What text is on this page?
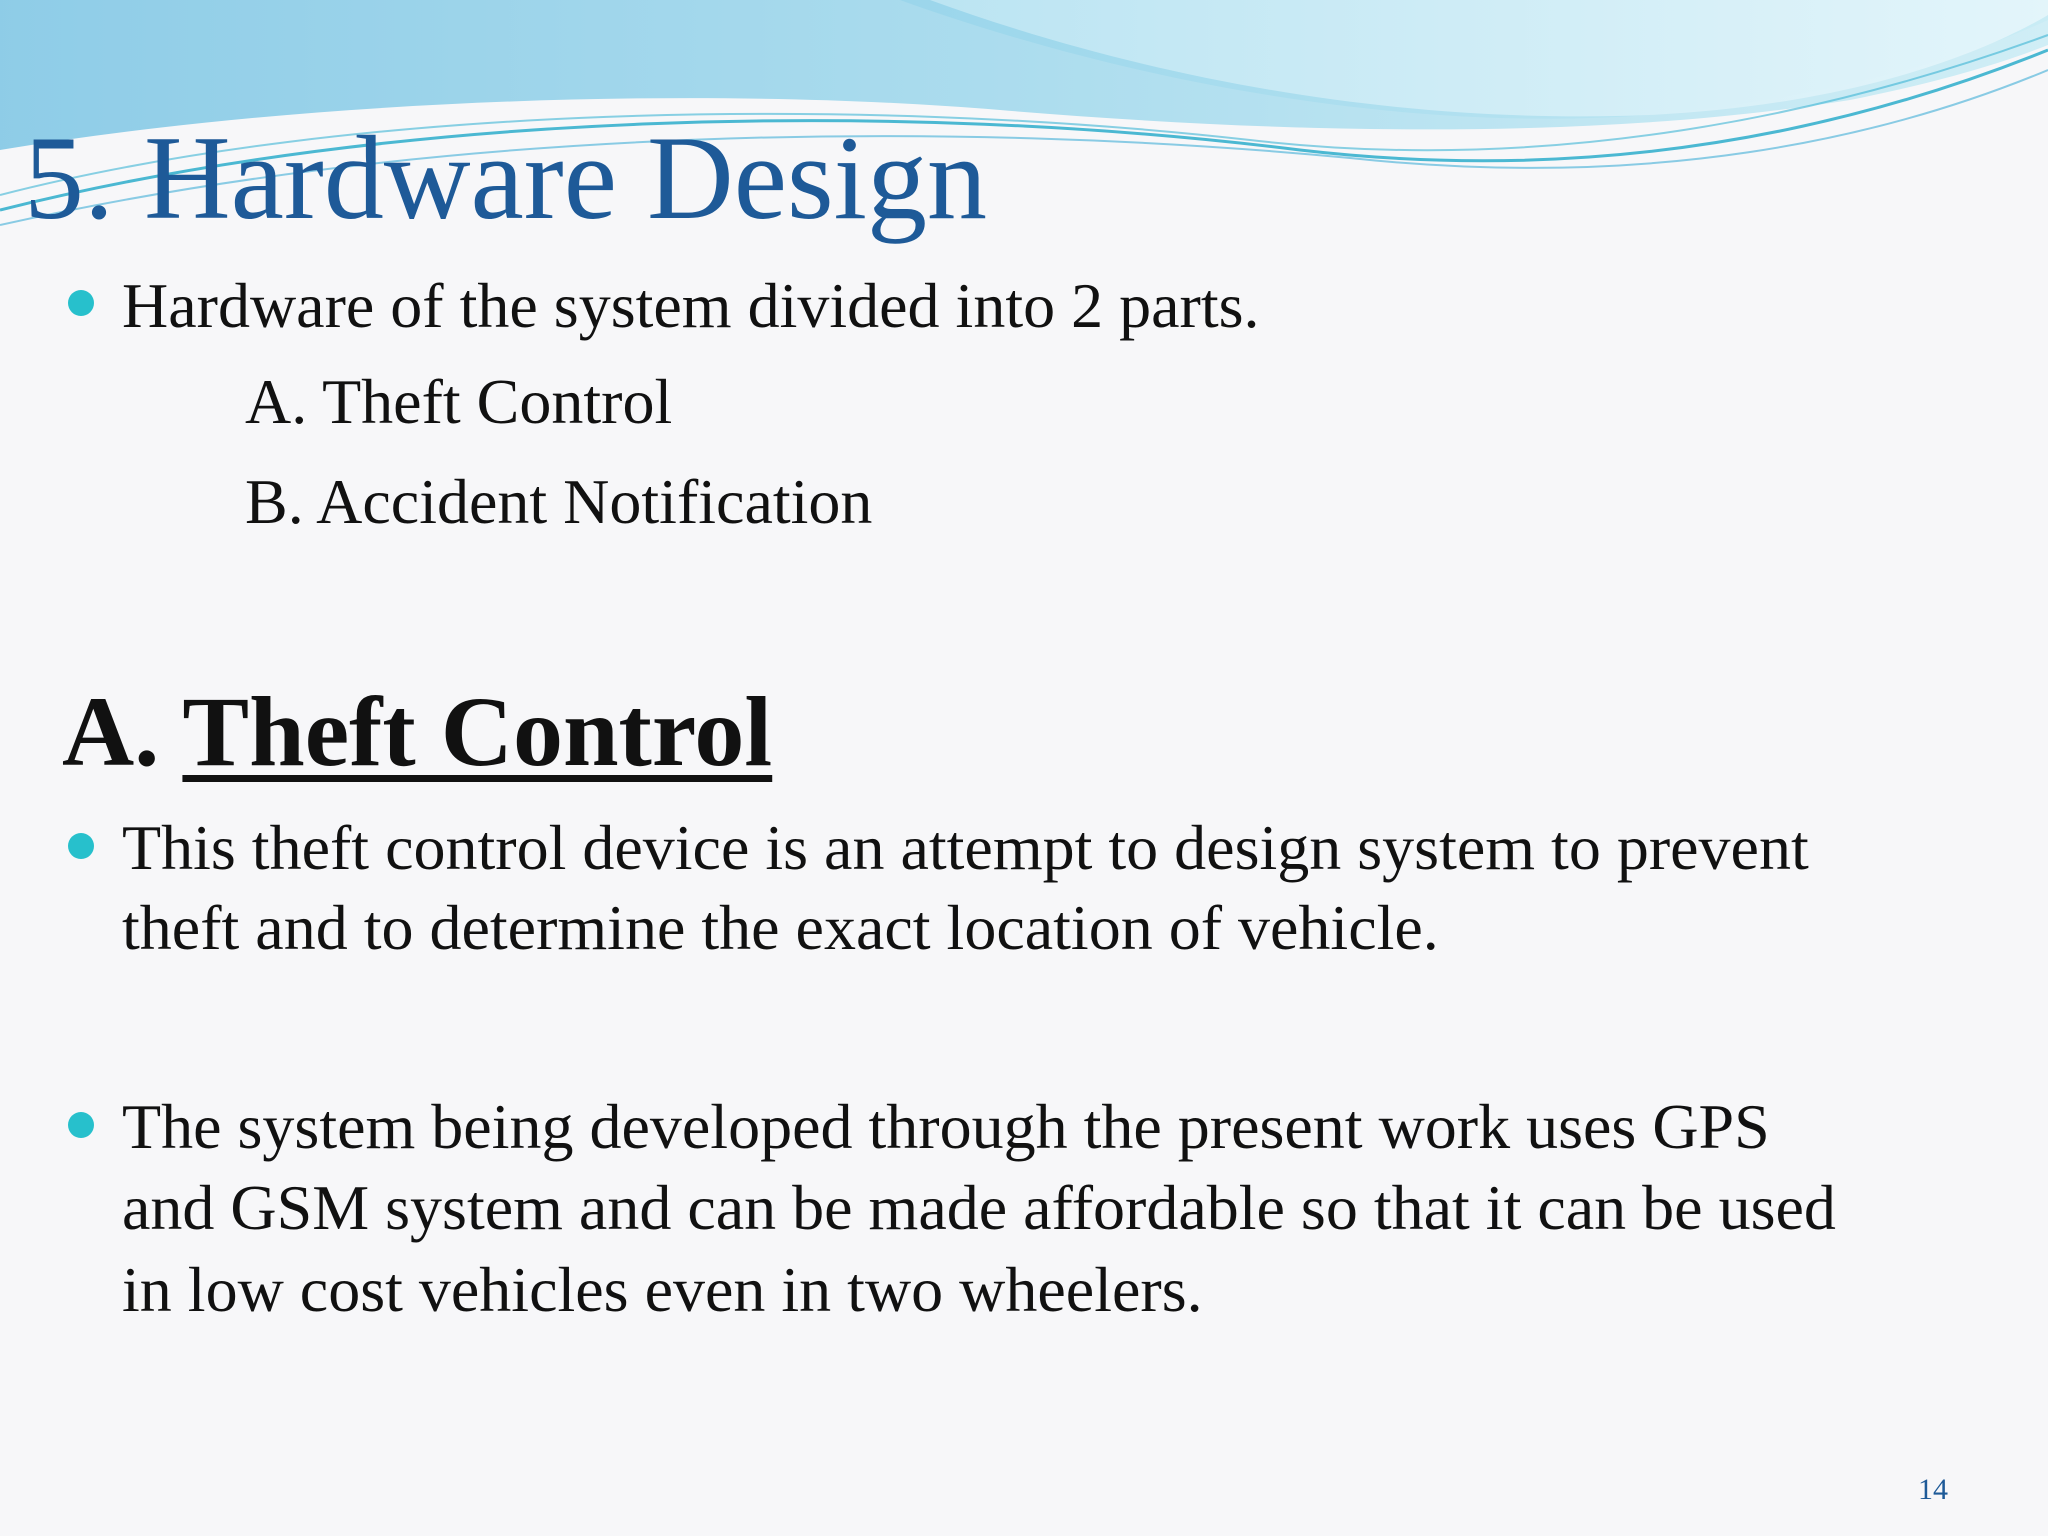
5. Hardware Design

Hardware of the system divided into 2 parts.

A. Theft Control

B. Accident Notification

A. Theft Control

This theft control device is an attempt to design system to prevent

theft and to determine the exact location of vehicle.

The system being developed through the present work uses GPS

and GSM system and can be made affordable so that it can be used

in low cost vehicles even in two wheelers.

14
